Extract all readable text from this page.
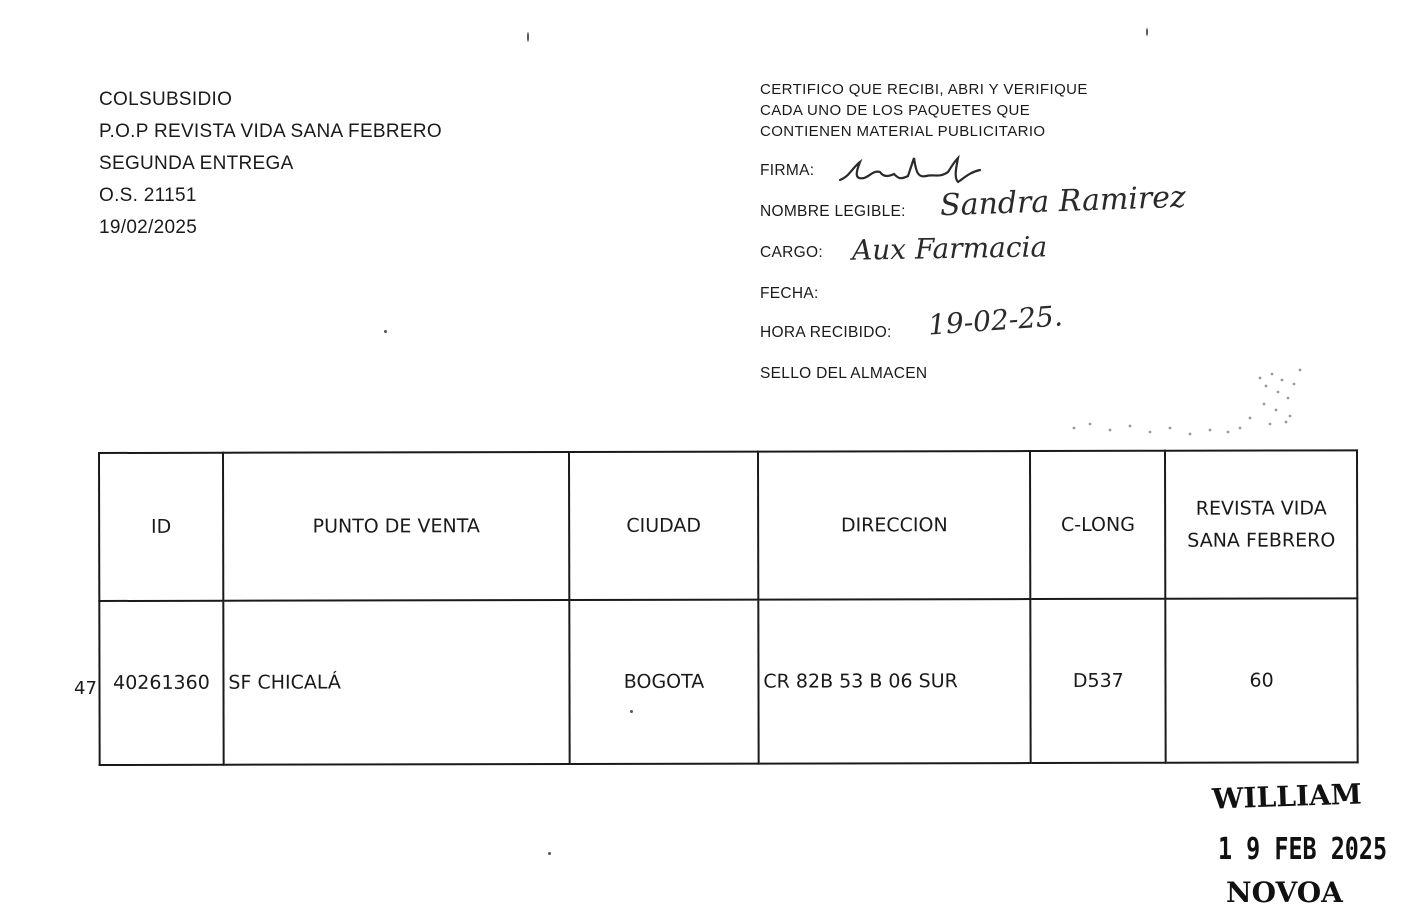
COLSUBSIDIO
P.O.P REVISTA VIDA SANA FEBRERO
SEGUNDA ENTREGA
O.S. 21151
19/02/2025
CERTIFICO QUE RECIBI, ABRI Y VERIFIQUE
CADA UNO DE LOS PAQUETES QUE
CONTIENEN MATERIAL PUBLICITARIO
FIRMA:
NOMBRE LEGIBLE: Sandra Ramirez
CARGO: Aux Farmacia
FECHA:
HORA RECIBIDO: 19-02-25.
SELLO DEL ALMACEN
47
ID	PUNTO DE VENTA	CIUDAD	DIRECCION	C-LONG	REVISTA VIDA SANA FEBRERO
40261360	SF CHICALÁ	BOGOTA	CR 82B 53 B 06 SUR	D537	60
WILLIAM
1 9 FEB 2025
NOVOA
